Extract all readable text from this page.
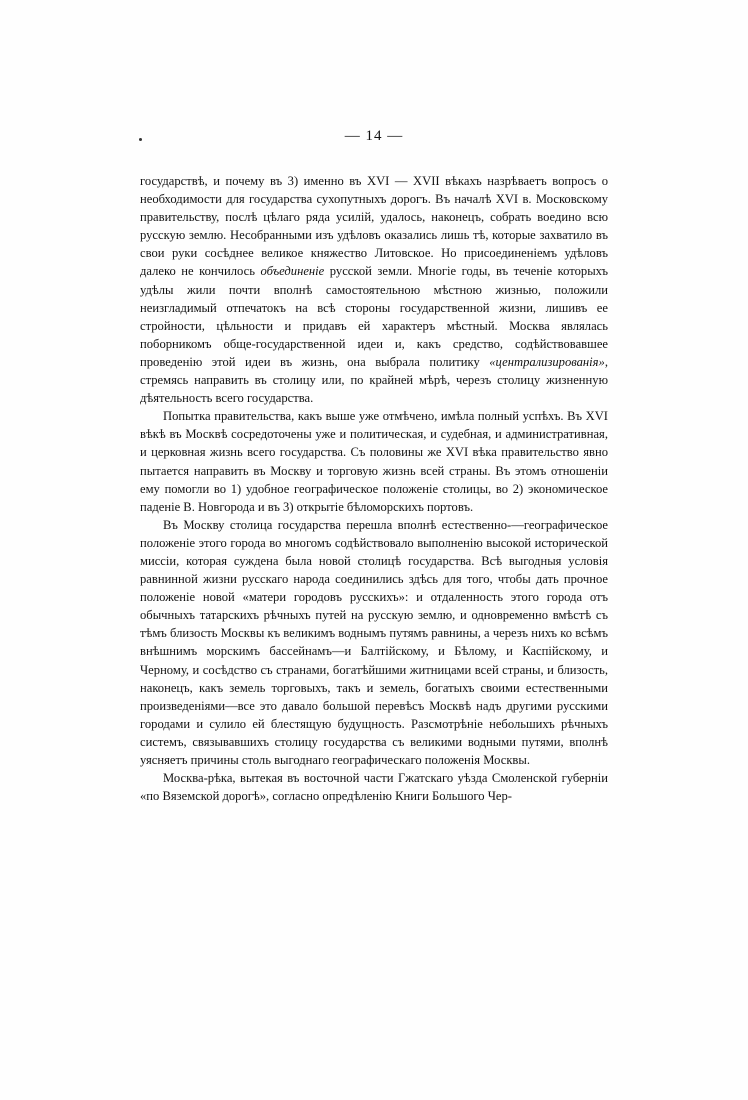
— 14 —

государствѣ, и почему въ 3) именно въ XVI — XVII вѣкахъ назрѣваетъ вопросъ о необходимости для государства сухопутныхъ дорогъ. Въ началѣ XVI в. Московскому правительству, послѣ цѣлаго ряда усилій, удалось, наконецъ, собрать воедино всю русскую землю. Несобранными изъ удѣловъ оказались лишь тѣ, которые захватило въ свои руки сосѣднее великое княжество Литовское. Но присоединеніемъ удѣловъ далеко не кончилось объединеніе русской земли. Многіе годы, въ теченіе которыхъ удѣлы жили почти вполнѣ самостоятельною мѣстною жизнью, положили неизгладимый отпечатокъ на всѣ стороны государственной жизни, лишивъ ее стройности, цѣльности и придавъ ей характеръ мѣстный. Москва являлась поборникомъ обще-государственной идеи и, какъ средство, содѣйствовавшее проведенію этой идеи въ жизнь, она выбрала политику «централизированія», стремясь направить въ столицу или, по крайней мѣрѣ, черезъ столицу жизненную дѣятельность всего государства.

Попытка правительства, какъ выше уже отмѣчено, имѣла полный успѣхъ. Въ XVI вѣкѣ въ Москвѣ сосредоточены уже и политическая, и судебная, и административная, и церковная жизнь всего государства. Съ половины же XVI вѣка правительство явно пытается направить въ Москву и торговую жизнь всей страны. Въ этомъ отношеніи ему помогли во 1) удобное географическое положеніе столицы, во 2) экономическое паденіе В. Новгорода и въ 3) открытіе бѣломорскихъ портовъ.

Въ Москву столица государства перешла вполнѣ естественно-—географическое положеніе этого города во многомъ содѣйствовало выполненію высокой исторической миссіи, которая суждена была новой столицѣ государства. Всѣ выгодныя условія равнинной жизни русскаго народа соединились здѣсь для того, чтобы дать прочное положеніе новой «матери городовъ русскихъ»: и отдаленность этого города отъ обычныхъ татарскихъ рѣчныхъ путей на русскую землю, и одновременно вмѣстѣ съ тѣмъ близость Москвы къ великимъ воднымъ путямъ равнины, а черезъ нихъ ко всѣмъ внѣшнимъ морскимъ бассейнамъ—и Балтійскому, и Бѣлому, и Каспійскому, и Черному, и сосѣдство съ странами, богатѣйшими житницами всей страны, и близость, наконецъ, какъ земель торговыхъ, такъ и земель, богатыхъ своими естественными произведеніями—все это давало большой перевѣсъ Москвѣ надъ другими русскими городами и сулило ей блестящую будущность. Разсмотрѣніе небольшихъ рѣчныхъ системъ, связывавшихъ столицу государства съ великими водными путями, вполнѣ уясняетъ причины столь выгоднаго географическаго положенія Москвы.

Москва-рѣка, вытекая въ восточной части Гжатскаго уѣзда Смоленской губерніи «по Вяземской дорогѣ», согласно опредѣленію Книги Большого Чер-
